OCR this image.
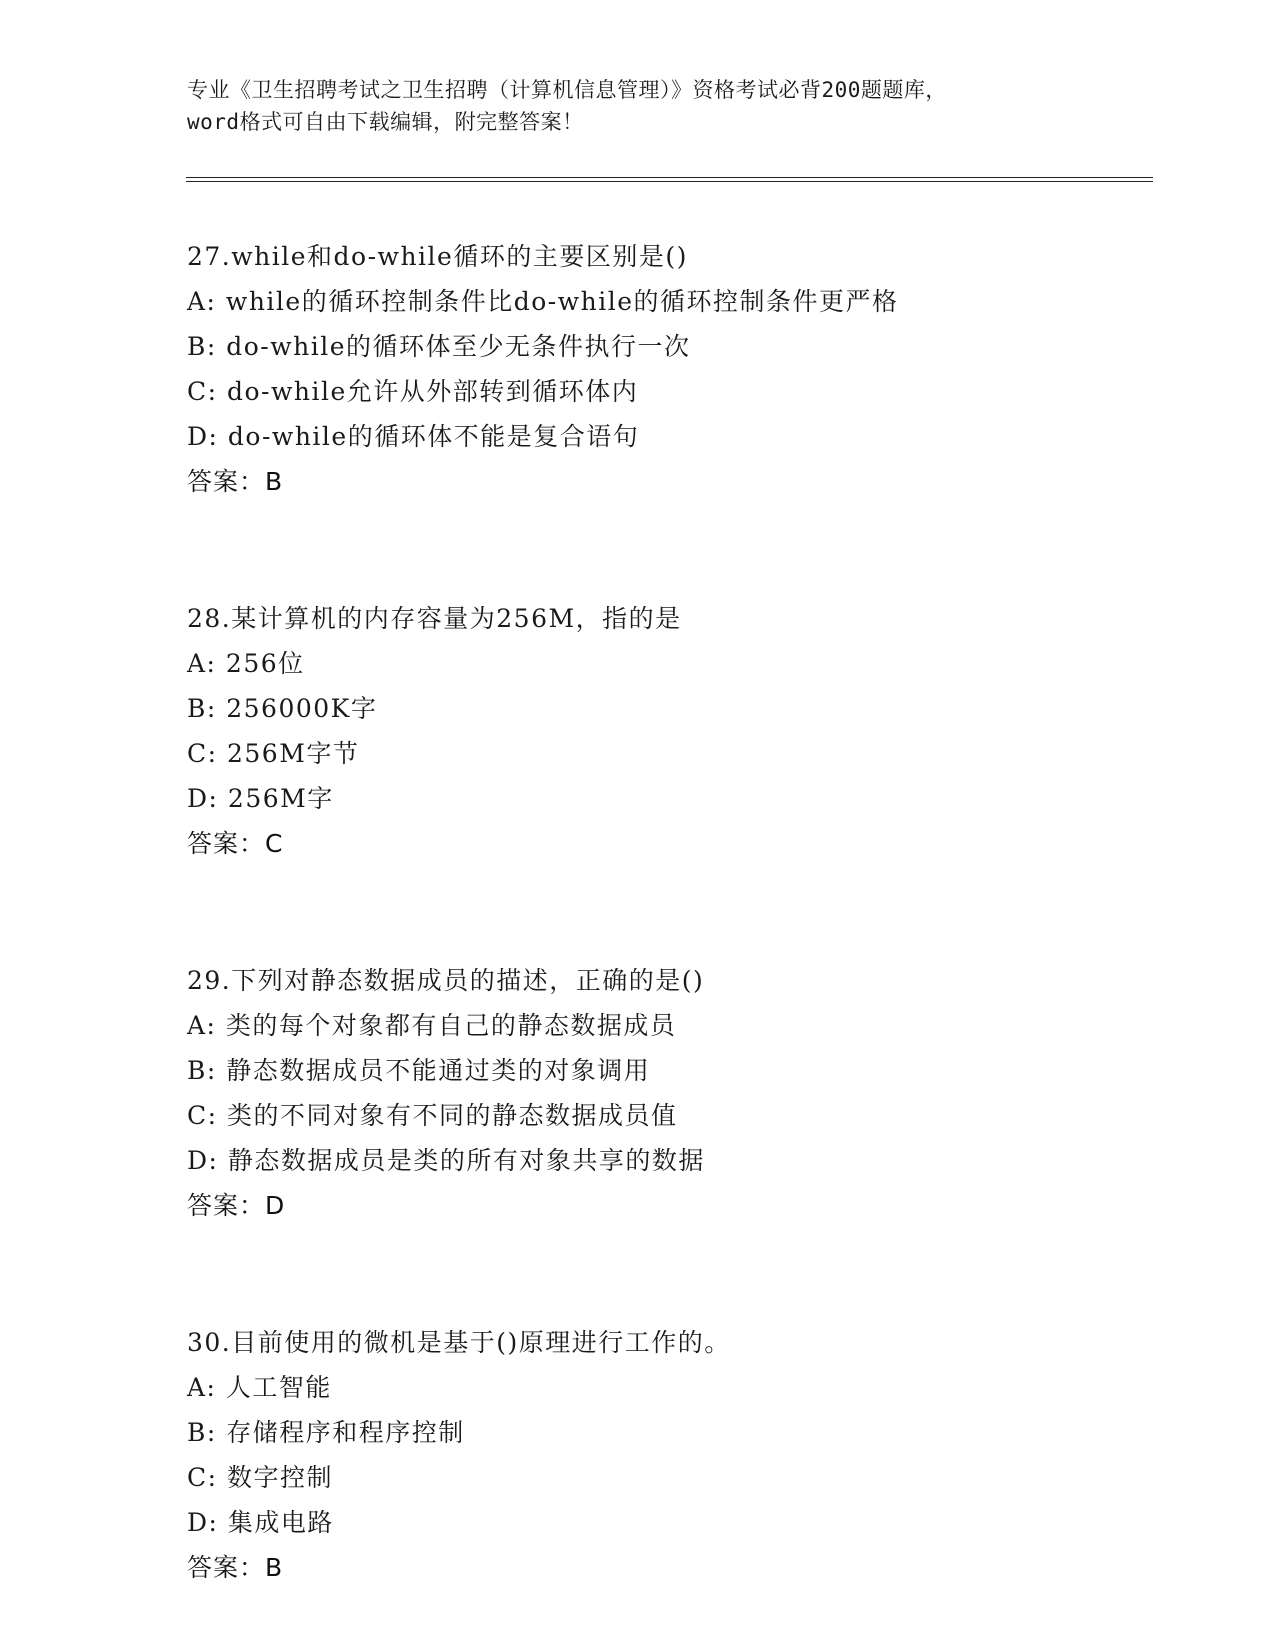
专业《卫生招聘考试之卫生招聘（计算机信息管理）》资格考试必背200题题库，
word格式可自由下载编辑，附完整答案！
27.while和do-while循环的主要区别是()
A: while的循环控制条件比do-while的循环控制条件更严格
B: do-while的循环体至少无条件执行一次
C: do-while允许从外部转到循环体内
D: do-while的循环体不能是复合语句
答案：B
28.某计算机的内存容量为256M，指的是
A: 256位
B: 256000K字
C: 256M字节
D: 256M字
答案：C
29.下列对静态数据成员的描述，正确的是()
A: 类的每个对象都有自己的静态数据成员
B: 静态数据成员不能通过类的对象调用
C: 类的不同对象有不同的静态数据成员值
D: 静态数据成员是类的所有对象共享的数据
答案：D
30.目前使用的微机是基于()原理进行工作的。
A: 人工智能
B: 存储程序和程序控制
C: 数字控制
D: 集成电路
答案：B
